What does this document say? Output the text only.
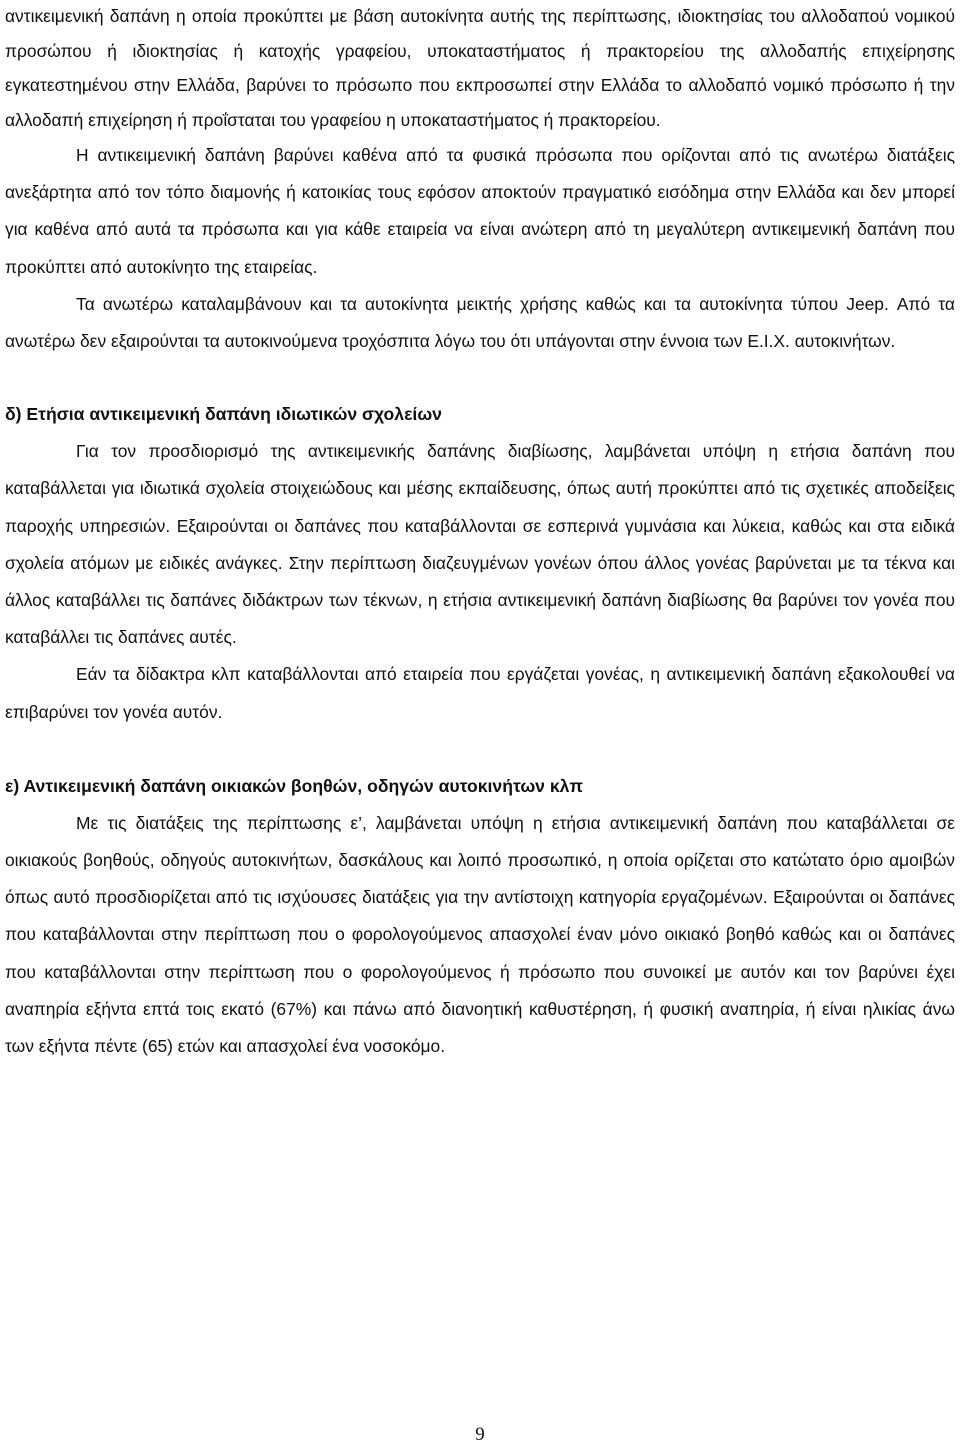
αντικειμενική δαπάνη η οποία προκύπτει με βάση αυτοκίνητα αυτής της περίπτωσης, ιδιοκτησίας του αλλοδαπού νομικού προσώπου ή ιδιοκτησίας ή κατοχής γραφείου, υποκαταστήματος ή πρακτορείου της αλλοδαπής επιχείρησης εγκατεστημένου στην Ελλάδα, βαρύνει το πρόσωπο που εκπροσωπεί στην Ελλάδα το αλλοδαπό νομικό πρόσωπο ή την αλλοδαπή επιχείρηση ή προΐσταται του γραφείου η υποκαταστήματος ή πρακτορείου.

Η αντικειμενική δαπάνη βαρύνει καθένα από τα φυσικά πρόσωπα που ορίζονται από τις ανωτέρω διατάξεις ανεξάρτητα από τον τόπο διαμονής ή κατοικίας τους εφόσον αποκτούν πραγματικό εισόδημα στην Ελλάδα και δεν μπορεί για καθένα από αυτά τα πρόσωπα και για κάθε εταιρεία να είναι ανώτερη από τη μεγαλύτερη αντικειμενική δαπάνη που προκύπτει από αυτοκίνητο της εταιρείας.

Τα ανωτέρω καταλαμβάνουν και τα αυτοκίνητα μεικτής χρήσης καθώς και τα αυτοκίνητα τύπου Jeep. Από τα ανωτέρω δεν εξαιρούνται τα αυτοκινούμενα τροχόσπιτα λόγω του ότι υπάγονται στην έννοια των Ε.Ι.Χ. αυτοκινήτων.

δ) Ετήσια αντικειμενική δαπάνη ιδιωτικών σχολείων

Για τον προσδιορισμό της αντικειμενικής δαπάνης διαβίωσης, λαμβάνεται υπόψη η ετήσια δαπάνη που καταβάλλεται για ιδιωτικά σχολεία στοιχειώδους και μέσης εκπαίδευσης, όπως αυτή προκύπτει από τις σχετικές αποδείξεις παροχής υπηρεσιών. Εξαιρούνται οι δαπάνες που καταβάλλονται σε εσπερινά γυμνάσια και λύκεια, καθώς και στα ειδικά σχολεία ατόμων με ειδικές ανάγκες. Στην περίπτωση διαζευγμένων γονέων όπου άλλος γονέας βαρύνεται με τα τέκνα και άλλος καταβάλλει τις δαπάνες διδάκτρων των τέκνων, η ετήσια αντικειμενική δαπάνη διαβίωσης θα βαρύνει τον γονέα που καταβάλλει τις δαπάνες αυτές.

Εάν τα δίδακτρα κλπ καταβάλλονται από εταιρεία που εργάζεται γονέας, η αντικειμενική δαπάνη εξακολουθεί να επιβαρύνει τον γονέα αυτόν.

ε) Αντικειμενική δαπάνη οικιακών βοηθών, οδηγών αυτοκινήτων κλπ

Με τις διατάξεις της περίπτωσης ε’, λαμβάνεται υπόψη η ετήσια αντικειμενική δαπάνη που καταβάλλεται σε οικιακούς βοηθούς, οδηγούς αυτοκινήτων, δασκάλους και λοιπό προσωπικό, η οποία ορίζεται στο κατώτατο όριο αμοιβών όπως αυτό προσδιορίζεται από τις ισχύουσες διατάξεις για την αντίστοιχη κατηγορία εργαζομένων. Εξαιρούνται οι δαπάνες που καταβάλλονται στην περίπτωση που ο φορολογούμενος απασχολεί έναν μόνο οικιακό βοηθό καθώς και οι δαπάνες που καταβάλλονται στην περίπτωση που ο φορολογούμενος ή πρόσωπο που συνοικεί με αυτόν και τον βαρύνει έχει αναπηρία εξήντα επτά τοις εκατό (67%) και πάνω από διανοητική καθυστέρηση, ή φυσική αναπηρία, ή είναι ηλικίας άνω των εξήντα πέντε (65) ετών και απασχολεί ένα νοσοκόμο.

9
